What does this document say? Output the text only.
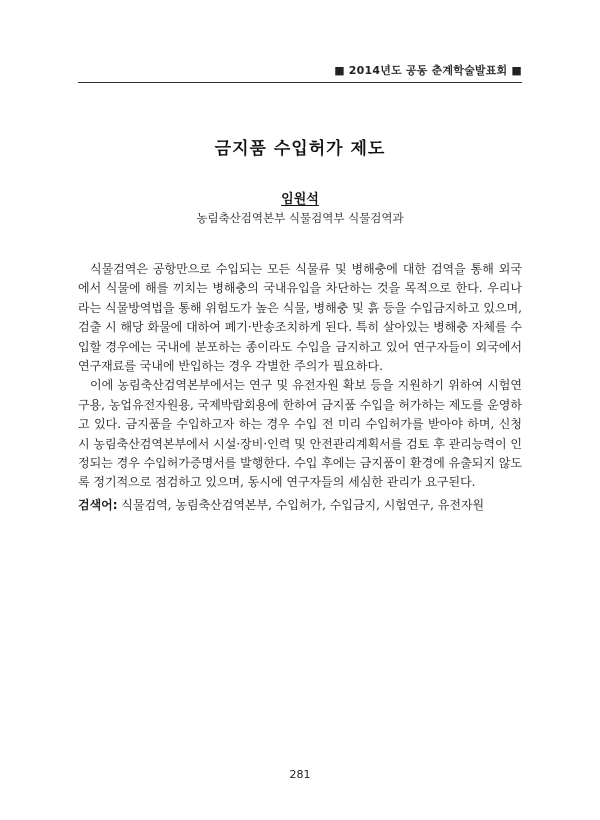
■ 2014년도 공동 춘계학술발표회 ■
금지품 수입허가 제도
임원석
농림축산검역본부 식물검역부 식물검역과

식물검역은 공항만으로 수입되는 모든 식물류 및 병해충에 대한 검역을 통해 외국에서 식물에 해를 끼치는 병해충의 국내유입을 차단하는 것을 목적으로 한다. 우리나라는 식물방역법을 통해 위험도가 높은 식물, 병해충 및 흙 등을 수입금지하고 있으며, 검출 시 해당 화물에 대하여 폐기·반송조치하게 된다. 특히 살아있는 병해충 자체를 수입할 경우에는 국내에 분포하는 종이라도 수입을 금지하고 있어 연구자들이 외국에서 연구재료를 국내에 반입하는 경우 각별한 주의가 필요하다.

이에 농림축산검역본부에서는 연구 및 유전자원 확보 등을 지원하기 위하여 시험연구용, 농업유전자원용, 국제박람회용에 한하여 금지품 수입을 허가하는 제도를 운영하고 있다. 금지품을 수입하고자 하는 경우 수입 전 미리 수입허가를 받아야 하며, 신청 시 농림축산검역본부에서 시설·장비·인력 및 안전관리계획서를 검토 후 관리능력이 인정되는 경우 수입허가증명서를 발행한다. 수입 후에는 금지품이 환경에 유출되지 않도록 정기적으로 점검하고 있으며, 동시에 연구자들의 세심한 관리가 요구된다.

검색어: 식물검역, 농림축산검역본부, 수입허가, 수입금지, 시험연구, 유전자원
281
